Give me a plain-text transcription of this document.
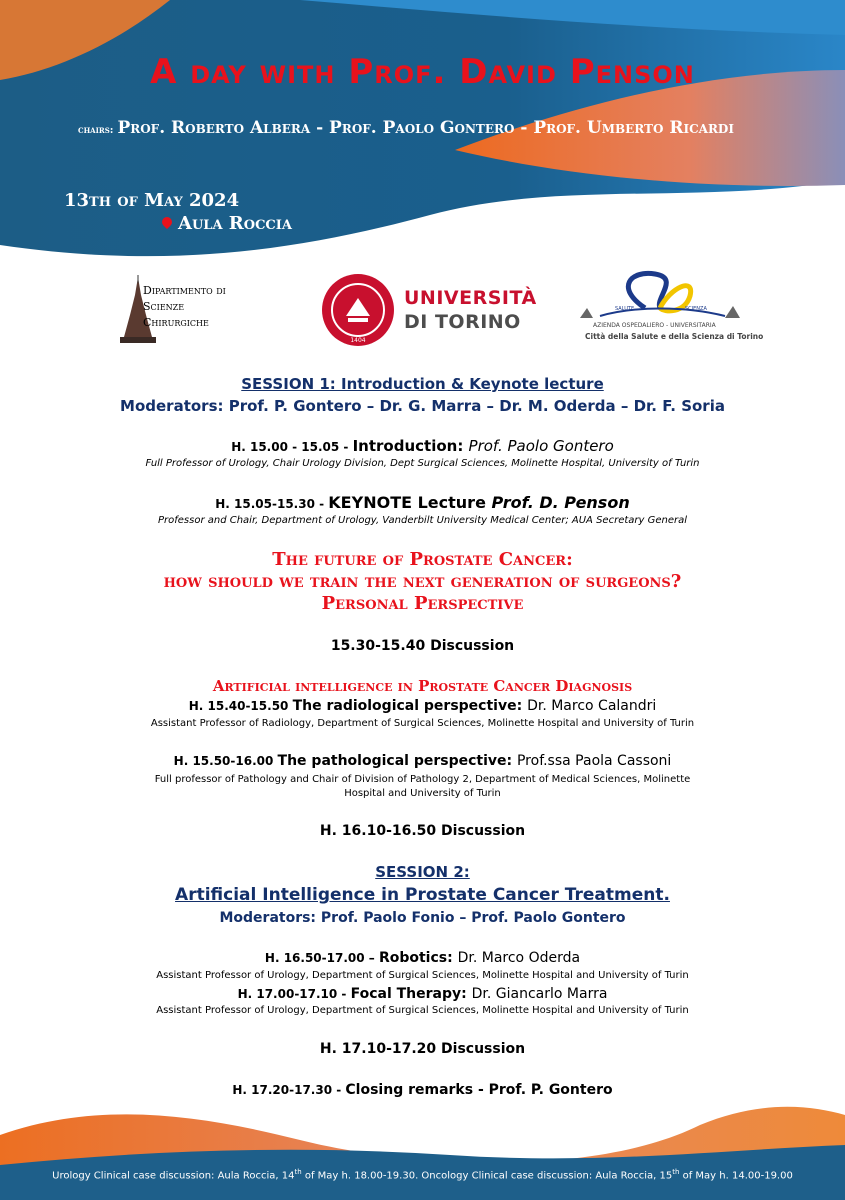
A day with Prof. David Penson
chairs: Prof. Roberto Albera - Prof. Paolo Gontero - Prof. Umberto Ricardi
13th of May 2024
Aula Roccia
Dipartimento di
Scienze
Chirurgiche
1404
UNIVERSITÀ
DI TORINO
SALUTE	SCIENZA
AZIENDA OSPEDALIERO - UNIVERSITARIA
Città della Salute e della Scienza di Torino
SESSION 1: Introduction & Keynote lecture
Moderators: Prof. P. Gontero – Dr. G. Marra – Dr. M. Oderda – Dr. F. Soria
H. 15.00 - 15.05 - Introduction: Prof. Paolo Gontero
Full Professor of Urology, Chair Urology Division, Dept Surgical Sciences, Molinette Hospital, University of Turin
H. 15.05-15.30 - KEYNOTE Lecture Prof. D. Penson
Professor and Chair, Department of Urology, Vanderbilt University Medical Center; AUA Secretary General
The future of Prostate Cancer:
how should we train the next generation of surgeons?
Personal Perspective
15.30-15.40 Discussion
Artificial intelligence in Prostate Cancer Diagnosis
H. 15.40-15.50 The radiological perspective: Dr. Marco Calandri
Assistant Professor of Radiology, Department of Surgical Sciences, Molinette Hospital and University of Turin
H. 15.50-16.00 The pathological perspective: Prof.ssa Paola Cassoni
Full professor of Pathology and Chair of Division of Pathology 2, Department of Medical Sciences, Molinette
Hospital and University of Turin
H. 16.10-16.50 Discussion
SESSION 2:
Artificial Intelligence in Prostate Cancer Treatment.
Moderators: Prof. Paolo Fonio – Prof. Paolo Gontero
H. 16.50-17.00 – Robotics: Dr. Marco Oderda
Assistant Professor of Urology, Department of Surgical Sciences, Molinette Hospital and University of Turin
H. 17.00-17.10 - Focal Therapy: Dr. Giancarlo Marra
Assistant Professor of Urology, Department of Surgical Sciences, Molinette Hospital and University of Turin
H. 17.10-17.20 Discussion
H. 17.20-17.30 - Closing remarks - Prof. P. Gontero
Urology Clinical case discussion: Aula Roccia, 14th of May h. 18.00-19.30. Oncology Clinical case discussion: Aula Roccia, 15th of May h. 14.00-19.00
